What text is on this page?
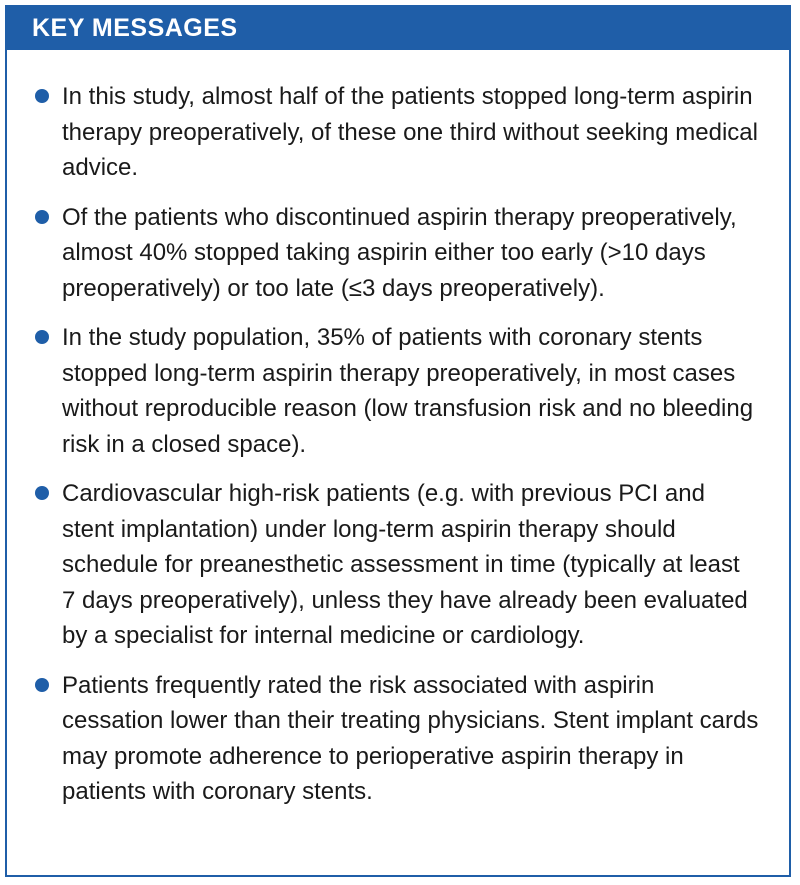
KEY MESSAGES
In this study, almost half of the patients stopped long-term aspirin therapy preoperatively, of these one third without seeking medical advice.
Of the patients who discontinued aspirin therapy preoperatively, almost 40% stopped taking aspirin either too early (>10 days preoperatively) or too late (≤3 days preoperatively).
In the study population, 35% of patients with coronary stents stopped long-term aspirin therapy preoperatively, in most cases without reproducible reason (low transfusion risk and no bleeding risk in a closed space).
Cardiovascular high-risk patients (e.g. with previous PCI and stent implantation) under long-term aspirin therapy should schedule for preanesthetic assessment in time (typically at least 7 days preoperatively), unless they have already been evaluated by a specialist for internal medicine or cardiology.
Patients frequently rated the risk associated with aspirin cessation lower than their treating physicians. Stent implant cards may promote adherence to perioperative aspirin therapy in patients with coronary stents.
